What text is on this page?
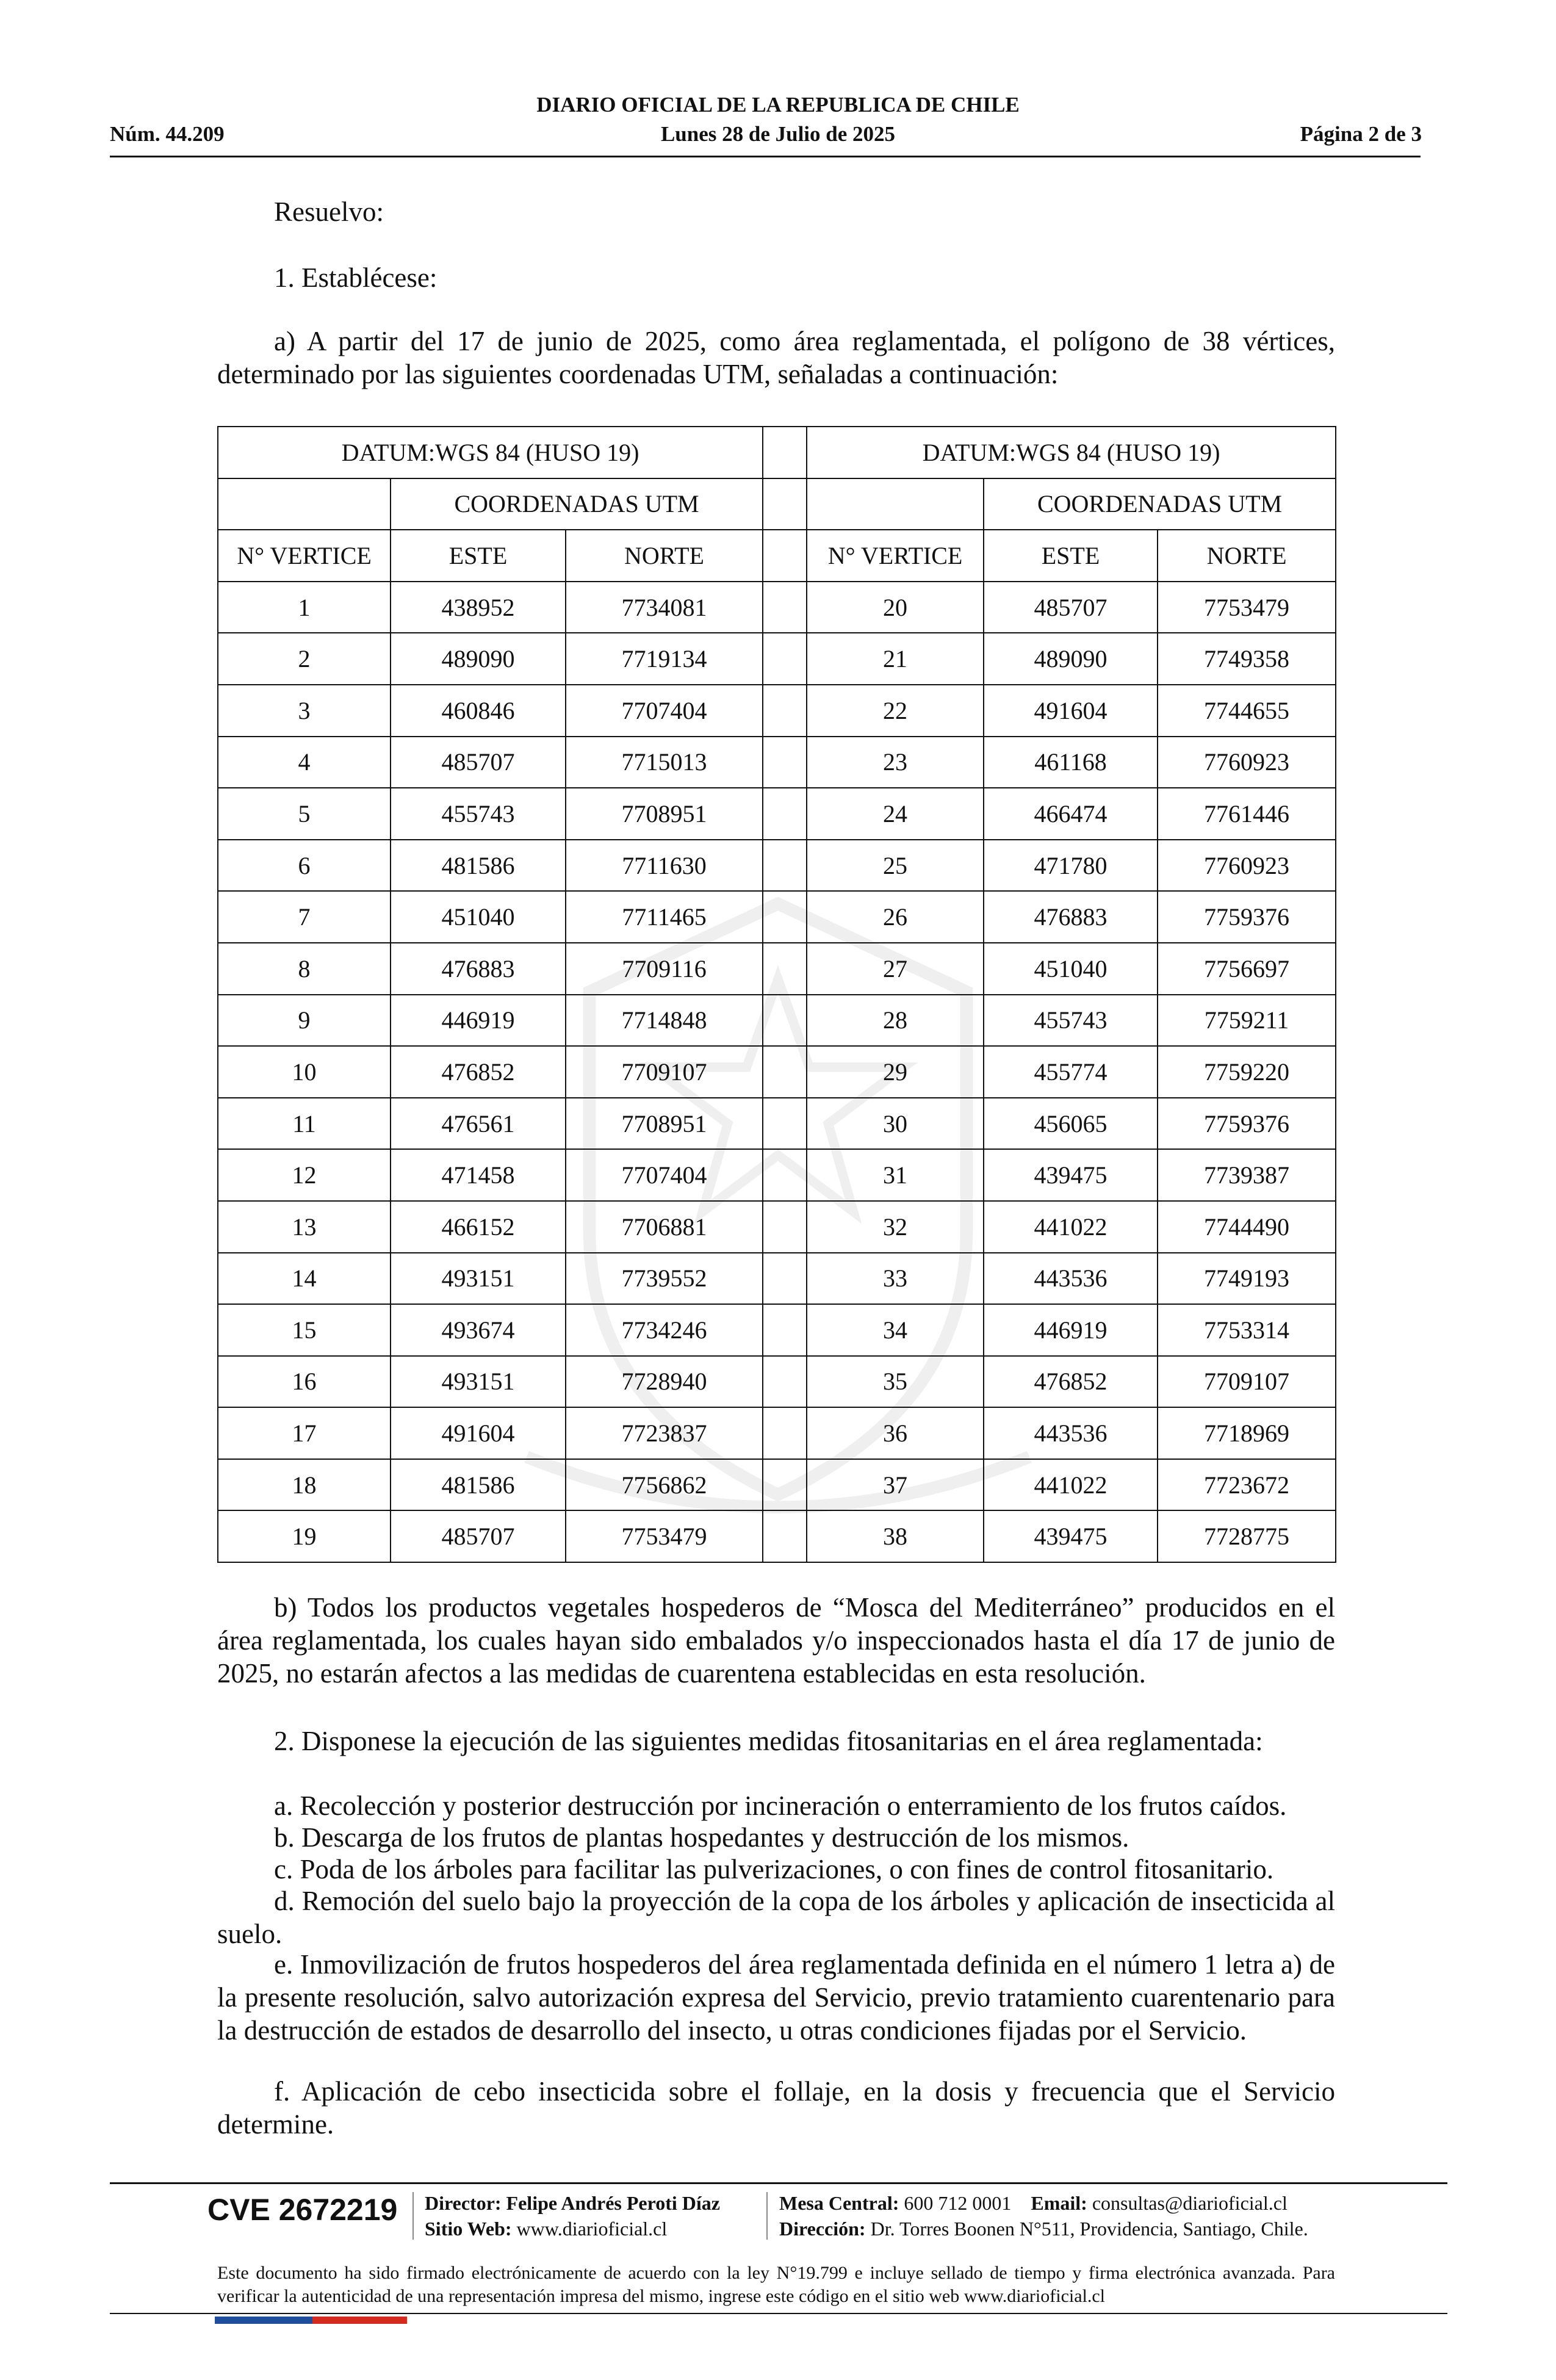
DIARIO OFICIAL DE LA REPUBLICA DE CHILE
Núm. 44.209	Lunes 28 de Julio de 2025	Página 2 de 3
Resuelvo:
1. Establécese:
a) A partir del 17 de junio de 2025, como área reglamentada, el polígono de 38 vértices, determinado por las siguientes coordenadas UTM, señaladas a continuación:
DATUM:WGS 84 (HUSO 19)				DATUM:WGS 84 (HUSO 19)		
	COORDENADAS UTM				COORDENADAS UTM	
N° VERTICE	ESTE	NORTE		N° VERTICE	ESTE	NORTE
1	438952	7734081		20	485707	7753479
2	489090	7719134		21	489090	7749358
3	460846	7707404		22	491604	7744655
4	485707	7715013		23	461168	7760923
5	455743	7708951		24	466474	7761446
6	481586	7711630		25	471780	7760923
7	451040	7711465		26	476883	7759376
8	476883	7709116		27	451040	7756697
9	446919	7714848		28	455743	7759211
10	476852	7709107		29	455774	7759220
11	476561	7708951		30	456065	7759376
12	471458	7707404		31	439475	7739387
13	466152	7706881		32	441022	7744490
14	493151	7739552		33	443536	7749193
15	493674	7734246		34	446919	7753314
16	493151	7728940		35	476852	7709107
17	491604	7723837		36	443536	7718969
18	481586	7756862		37	441022	7723672
19	485707	7753479		38	439475	7728775
b) Todos los productos vegetales hospederos de “Mosca del Mediterráneo” producidos en el área reglamentada, los cuales hayan sido embalados y/o inspeccionados hasta el día 17 de junio de 2025, no estarán afectos a las medidas de cuarentena establecidas en esta resolución.
2. Disponese la ejecución de las siguientes medidas fitosanitarias en el área reglamentada:
a. Recolección y posterior destrucción por incineración o enterramiento de los frutos caídos.
b. Descarga de los frutos de plantas hospedantes y destrucción de los mismos.
c. Poda de los árboles para facilitar las pulverizaciones, o con fines de control fitosanitario.
d. Remoción del suelo bajo la proyección de la copa de los árboles y aplicación de insecticida al suelo.
e. Inmovilización de frutos hospederos del área reglamentada definida en el número 1 letra a) de la presente resolución, salvo autorización expresa del Servicio, previo tratamiento cuarentenario para la destrucción de estados de desarrollo del insecto, u otras condiciones fijadas por el Servicio.
f. Aplicación de cebo insecticida sobre el follaje, en la dosis y frecuencia que el Servicio determine.
CVE 2672219 Director: Felipe Andrés Peroti Díaz
Sitio Web: www.diarioficial.cl
Mesa Central: 600 712 0001 Email: consultas@diarioficial.cl
Dirección: Dr. Torres Boonen N°511, Providencia, Santiago, Chile.
Este documento ha sido firmado electrónicamente de acuerdo con la ley N°19.799 e incluye sellado de tiempo y firma electrónica avanzada. Para verificar la autenticidad de una representación impresa del mismo, ingrese este código en el sitio web www.diarioficial.cl
